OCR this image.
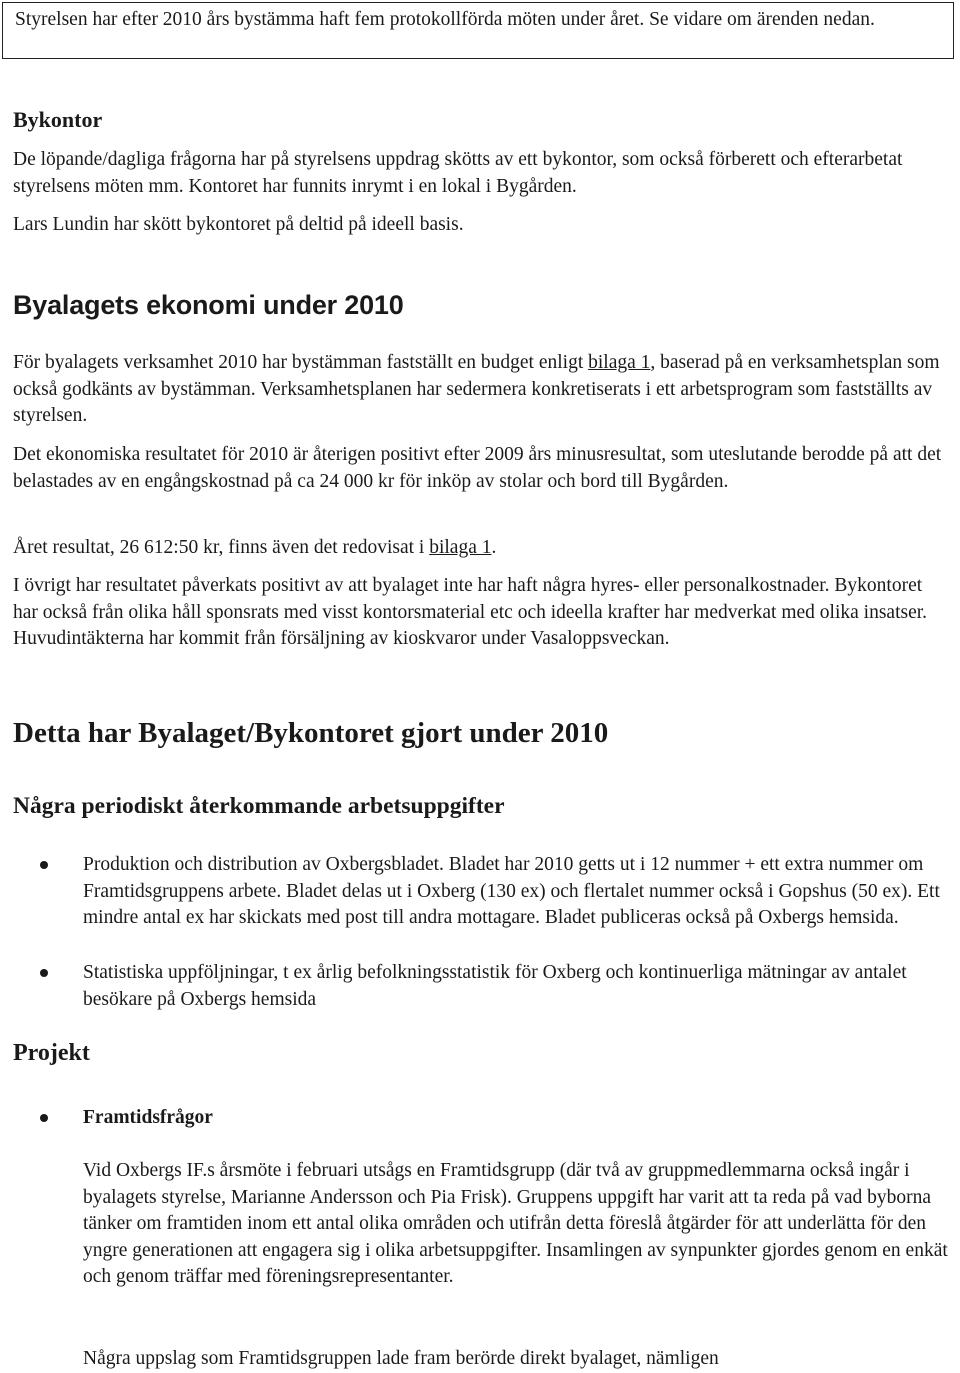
Styrelsen har efter 2010 års bystämma haft fem protokollförda möten under året. Se vidare om ärenden nedan.
Bykontor

De löpande/dagliga frågorna har på styrelsens uppdrag skötts av ett bykontor, som också förberett och efterarbetat styrelsens möten mm. Kontoret har funnits inrymt i en lokal i Bygården.

Lars Lundin har skött bykontoret på deltid på ideell basis.

Byalagets ekonomi under 2010

För byalagets verksamhet 2010 har bystämman fastställt en budget enligt bilaga 1, baserad på en verksamhetsplan som också godkänts av bystämman. Verksamhetsplanen har sedermera konkretiserats i ett arbetsprogram som fastställts av styrelsen.

Det ekonomiska resultatet för 2010 är återigen positivt efter 2009 års minusresultat, som uteslutande berodde på att det belastades av en engångskostnad på ca 24 000 kr för inköp av stolar och bord till Bygården.

Året resultat, 26 612:50 kr, finns även det redovisat i bilaga 1.

I övrigt har resultatet påverkats positivt av att byalaget inte har haft några hyres- eller personalkostnader. Bykontoret har också från olika håll sponsrats med visst kontorsmaterial etc och ideella krafter har medverkat med olika insatser. Huvudintäkterna har kommit från försäljning av kioskvaror under Vasaloppsveckan.

Detta har Byalaget/Bykontoret gjort under 2010
Några periodiskt återkommande arbetsuppgifter

Produktion och distribution av Oxbergsbladet. Bladet har 2010 getts ut i 12 nummer + ett extra nummer om Framtidsgruppens arbete. Bladet delas ut i Oxberg (130 ex) och flertalet nummer också i Gopshus (50 ex). Ett mindre antal ex har skickats med post till andra mottagare. Bladet publiceras också på Oxbergs hemsida.

Statistiska uppföljningar, t ex årlig befolkningsstatistik för Oxberg och kontinuerliga mätningar av antalet besökare på Oxbergs hemsida

Projekt

Framtidsfrågor

Vid Oxbergs IF.s årsmöte i februari utsågs en Framtidsgrupp (där två av gruppmedlemmarna också ingår i byalagets styrelse, Marianne Andersson och Pia Frisk). Gruppens uppgift har varit att ta reda på vad byborna tänker om framtiden inom ett antal olika områden och utifrån detta föreslå åtgärder för att underlätta för den yngre generationen att engagera sig i olika arbetsuppgifter. Insamlingen av synpunkter gjordes genom en enkät och genom träffar med föreningsrepresentanter.

Några uppslag som Framtidsgruppen lade fram berörde direkt byalaget, nämligen
